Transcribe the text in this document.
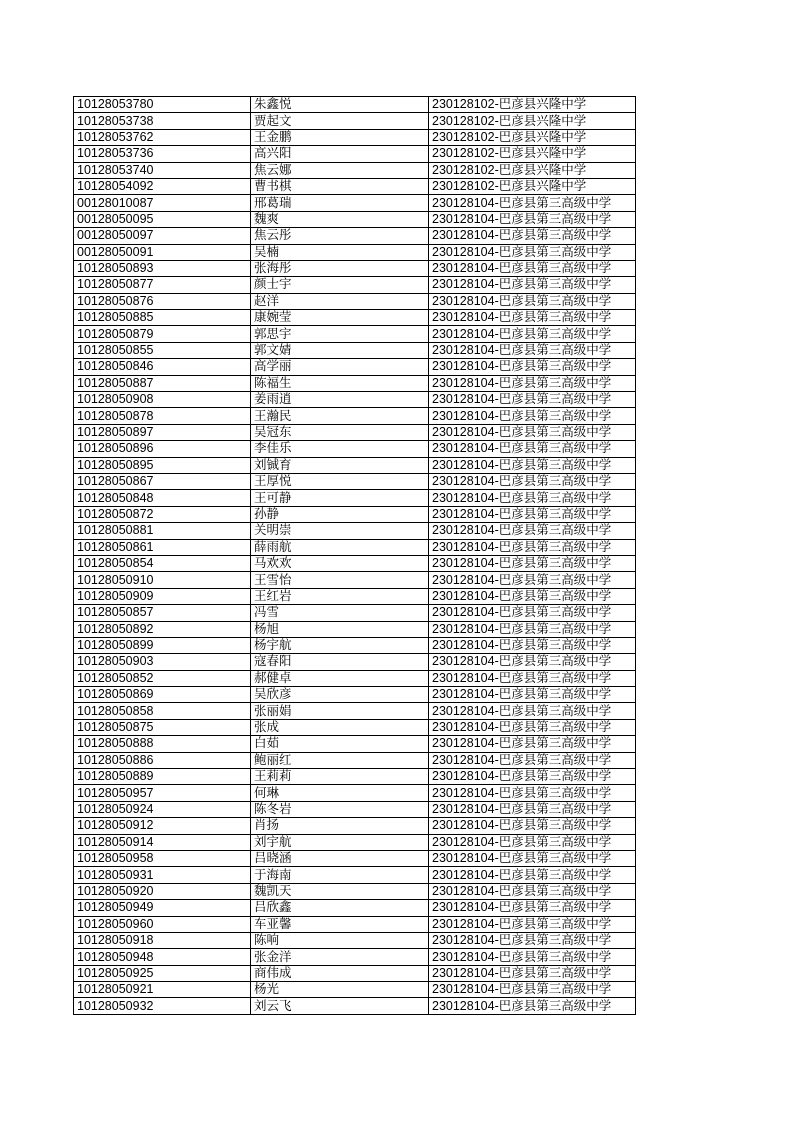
10128053780	朱鑫悦	230128102-巴彦县兴隆中学
10128053738	贾起文	230128102-巴彦县兴隆中学
10128053762	王金鹏	230128102-巴彦县兴隆中学
10128053736	高兴阳	230128102-巴彦县兴隆中学
10128053740	焦云娜	230128102-巴彦县兴隆中学
10128054092	曹书棋	230128102-巴彦县兴隆中学
00128010087	邢葛瑞	230128104-巴彦县第三高级中学
00128050095	魏爽	230128104-巴彦县第三高级中学
00128050097	焦云彤	230128104-巴彦县第三高级中学
00128050091	吴楠	230128104-巴彦县第三高级中学
10128050893	张海彤	230128104-巴彦县第三高级中学
10128050877	颜士宇	230128104-巴彦县第三高级中学
10128050876	赵洋	230128104-巴彦县第三高级中学
10128050885	康婉莹	230128104-巴彦县第三高级中学
10128050879	郭思宇	230128104-巴彦县第三高级中学
10128050855	郭文婧	230128104-巴彦县第三高级中学
10128050846	高学丽	230128104-巴彦县第三高级中学
10128050887	陈福生	230128104-巴彦县第三高级中学
10128050908	姜雨逍	230128104-巴彦县第三高级中学
10128050878	王瀚民	230128104-巴彦县第三高级中学
10128050897	吴冠东	230128104-巴彦县第三高级中学
10128050896	李佳乐	230128104-巴彦县第三高级中学
10128050895	刘铖育	230128104-巴彦县第三高级中学
10128050867	王厚悦	230128104-巴彦县第三高级中学
10128050848	王可静	230128104-巴彦县第三高级中学
10128050872	孙静	230128104-巴彦县第三高级中学
10128050881	关明崇	230128104-巴彦县第三高级中学
10128050861	薛雨航	230128104-巴彦县第三高级中学
10128050854	马欢欢	230128104-巴彦县第三高级中学
10128050910	王雪怡	230128104-巴彦县第三高级中学
10128050909	王红岩	230128104-巴彦县第三高级中学
10128050857	冯雪	230128104-巴彦县第三高级中学
10128050892	杨旭	230128104-巴彦县第三高级中学
10128050899	杨宇航	230128104-巴彦县第三高级中学
10128050903	寇春阳	230128104-巴彦县第三高级中学
10128050852	郝健卓	230128104-巴彦县第三高级中学
10128050869	吴欣彦	230128104-巴彦县第三高级中学
10128050858	张丽娟	230128104-巴彦县第三高级中学
10128050875	张成	230128104-巴彦县第三高级中学
10128050888	白茹	230128104-巴彦县第三高级中学
10128050886	鲍丽红	230128104-巴彦县第三高级中学
10128050889	王莉莉	230128104-巴彦县第三高级中学
10128050957	何琳	230128104-巴彦县第三高级中学
10128050924	陈冬岩	230128104-巴彦县第三高级中学
10128050912	肖扬	230128104-巴彦县第三高级中学
10128050914	刘宇航	230128104-巴彦县第三高级中学
10128050958	吕晓涵	230128104-巴彦县第三高级中学
10128050931	于海南	230128104-巴彦县第三高级中学
10128050920	魏凯天	230128104-巴彦县第三高级中学
10128050949	吕欣鑫	230128104-巴彦县第三高级中学
10128050960	车亚馨	230128104-巴彦县第三高级中学
10128050918	陈响	230128104-巴彦县第三高级中学
10128050948	张金洋	230128104-巴彦县第三高级中学
10128050925	商伟成	230128104-巴彦县第三高级中学
10128050921	杨光	230128104-巴彦县第三高级中学
10128050932	刘云飞	230128104-巴彦县第三高级中学
